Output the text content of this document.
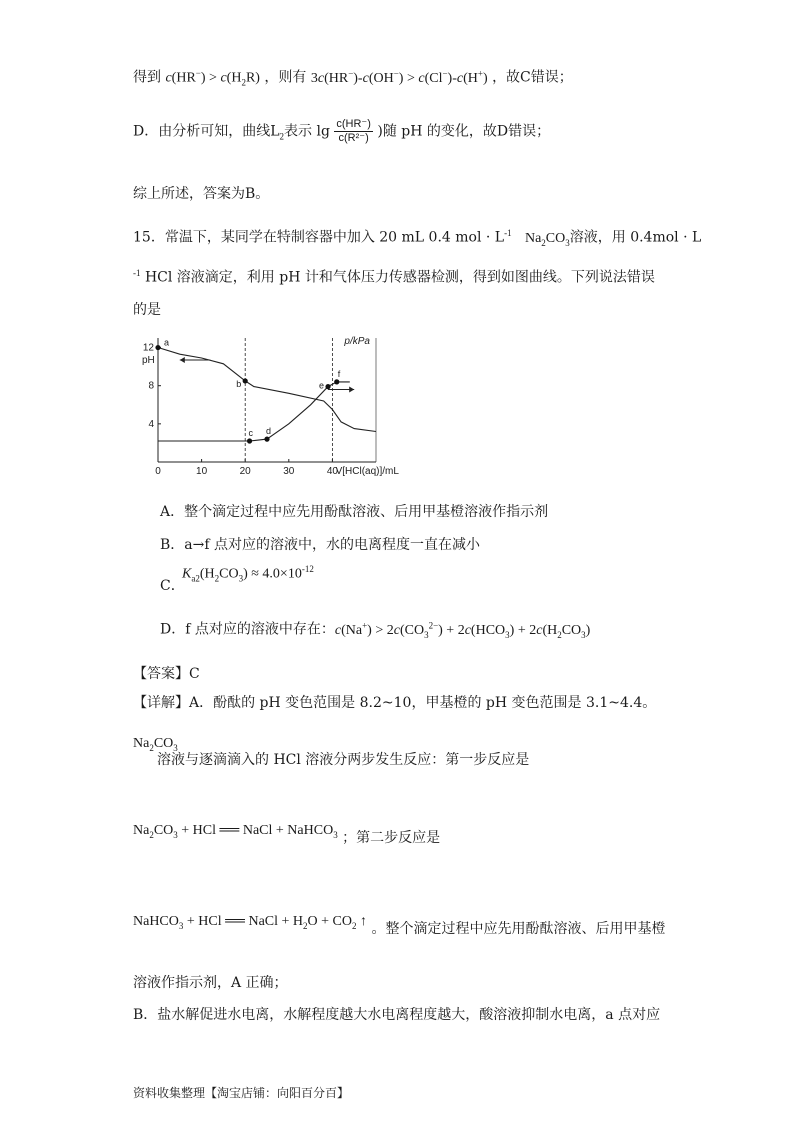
得到 $c(HR^-) > c(H_2R)$ ，则有 3c(HR−)-c(OH−) > c(Cl−)-c(H+) ，故C错误；
D．由分析可知，曲线$L_2$表示 $\lg \frac{c(HR^-)}{\text{c(R²⁻)}}$ )随 pH 的变化，故D错误；
综上所述，答案为B。
15．常温下，某同学在特制容器中加入 20 mL 0.4 mol · $L^{-1}$ $Na_2CO_3$溶液，用 0.4mol · L
$^{-1}$ HCl 溶液滴定，利用 pH 计和气体压力传感器检测，得到如图曲线。下列说法错误
的是
0	10	20	30	40
4
8
12
pH
p/kPa
V[HCl(aq)]/mL
a
b
c d
e
f
A．整个滴定过程中应先用酚酞溶液、后用甲基橙溶液作指示剂
B．a→f 点对应的溶液中，水的电离程度一直在减小
$K_{a2}(H_2CO_3) \approx 4.0\times 10^{-12}$
C．
D．f 点对应的溶液中存在：$c(Na^+) > 2c(CO_3^{2-}) + 2c(HCO_3) + 2c(H_2CO_3)$
【答案】C
【详解】A．酚酞的 pH 变色范围是 8.2~10，甲基橙的 pH 变色范围是 3.1~4.4。
$Na_2CO_3$
溶液与逐滴滴入的 HCl 溶液分两步发生反应：第一步反应是
$Na_2CO_3$ + HCl ══ NaCl + NaHCO$_3$ ；第二步反应是
NaHCO$_3$ + HCl ══ NaCl + $H_2O + CO_2$ ↑ 。整个滴定过程中应先用酚酞溶液、后用甲基橙
溶液作指示剂，A 正确；
B．盐水解促进水电离，水解程度越大水电离程度越大，酸溶液抑制水电离，a 点对应
资料收集整理【淘宝店铺：向阳百分百】
